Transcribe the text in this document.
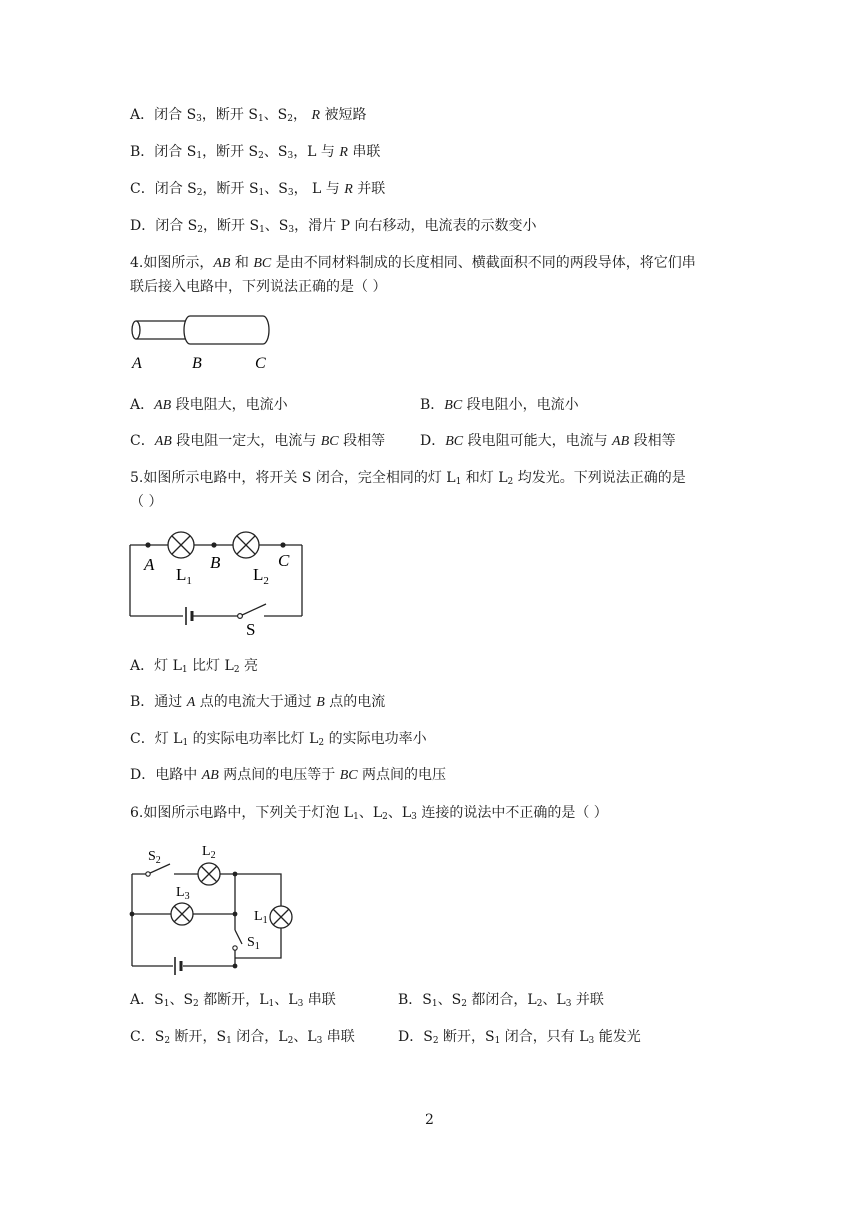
A．闭合 $S_3$，断开 $S_1$、$S_2$， R 被短路
B．闭合 $S_1$，断开 $S_2$、$S_3$，L 与 R 串联
C．闭合 $S_2$，断开 $S_1$、$S_3$， L 与 R 并联
D．闭合 $S_2$，断开 $S_1$、$S_3$，滑片 P 向右移动，电流表的示数变小
4.如图所示，AB 和 BC 是由不同材料制成的长度相同、横截面积不同的两段导体，将它们串
联后接入电路中，下列说法正确的是（ ）
A	B	C
A．AB 段电阻大，电流小	B．BC 段电阻小，电流小
C．AB 段电阻一定大，电流与 BC 段相等 D．BC 段电阻可能大，电流与 AB 段相等
5.如图所示电路中，将开关 S 闭合，完全相同的灯 $L_1$ 和灯 $L_2$ 均发光。下列说法正确的是
（ ）
A	B	C
$L_1$	$L_2$
S
A．灯 $L_1$ 比灯 $L_2$ 亮
B．通过 A 点的电流大于通过 B 点的电流
C．灯 $L_1$ 的实际电功率比灯 $L_2$ 的实际电功率小
D．电路中 AB 两点间的电压等于 BC 两点间的电压
6.如图所示电路中，下列关于灯泡 $L_1$、$L_2$、$L_3$ 连接的说法中不正确的是（ ）
$S_2$
$L_2$
$L_3$
$L_1$
$S_1$
A．$S_1$、$S_2$ 都断开，$L_1$、$L_3$ 串联	B．$S_1$、$S_2$ 都闭合，$L_2$、$L_3$ 并联
C．$S_2$ 断开，$S_1$ 闭合，$L_2$、$L_3$ 串联	D．$S_2$ 断开，$S_1$ 闭合，只有 $L_3$ 能发光
2
